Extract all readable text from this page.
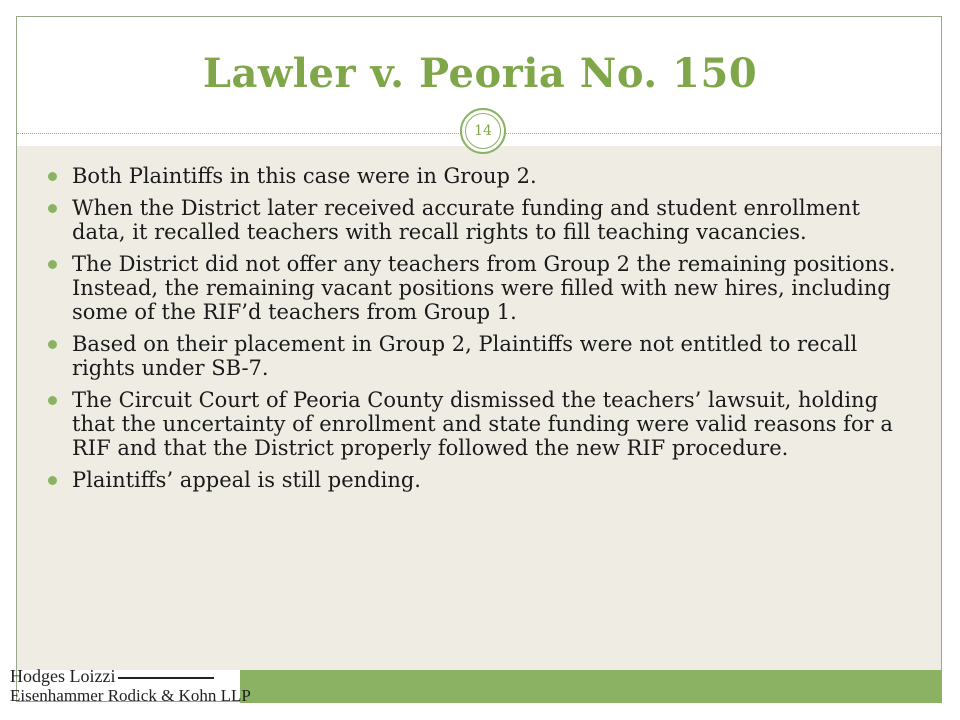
Lawler v. Peoria No. 150
14
Both Plaintiffs in this case were in Group 2.
When the District later received accurate funding and student enrollment data, it recalled teachers with recall rights to fill teaching vacancies.
The District did not offer any teachers from Group 2 the remaining positions. Instead, the remaining vacant positions were filled with new hires, including some of the RIF’d teachers from Group 1.
Based on their placement in Group 2, Plaintiffs were not entitled to recall rights under SB-7.
The Circuit Court of Peoria County dismissed the teachers’ lawsuit, holding that the uncertainty of enrollment and state funding were valid reasons for a RIF and that the District properly followed the new RIF procedure.
Plaintiffs’ appeal is still pending.
Hodges Loizzi
Eisenhammer Rodick & Kohn LLP
